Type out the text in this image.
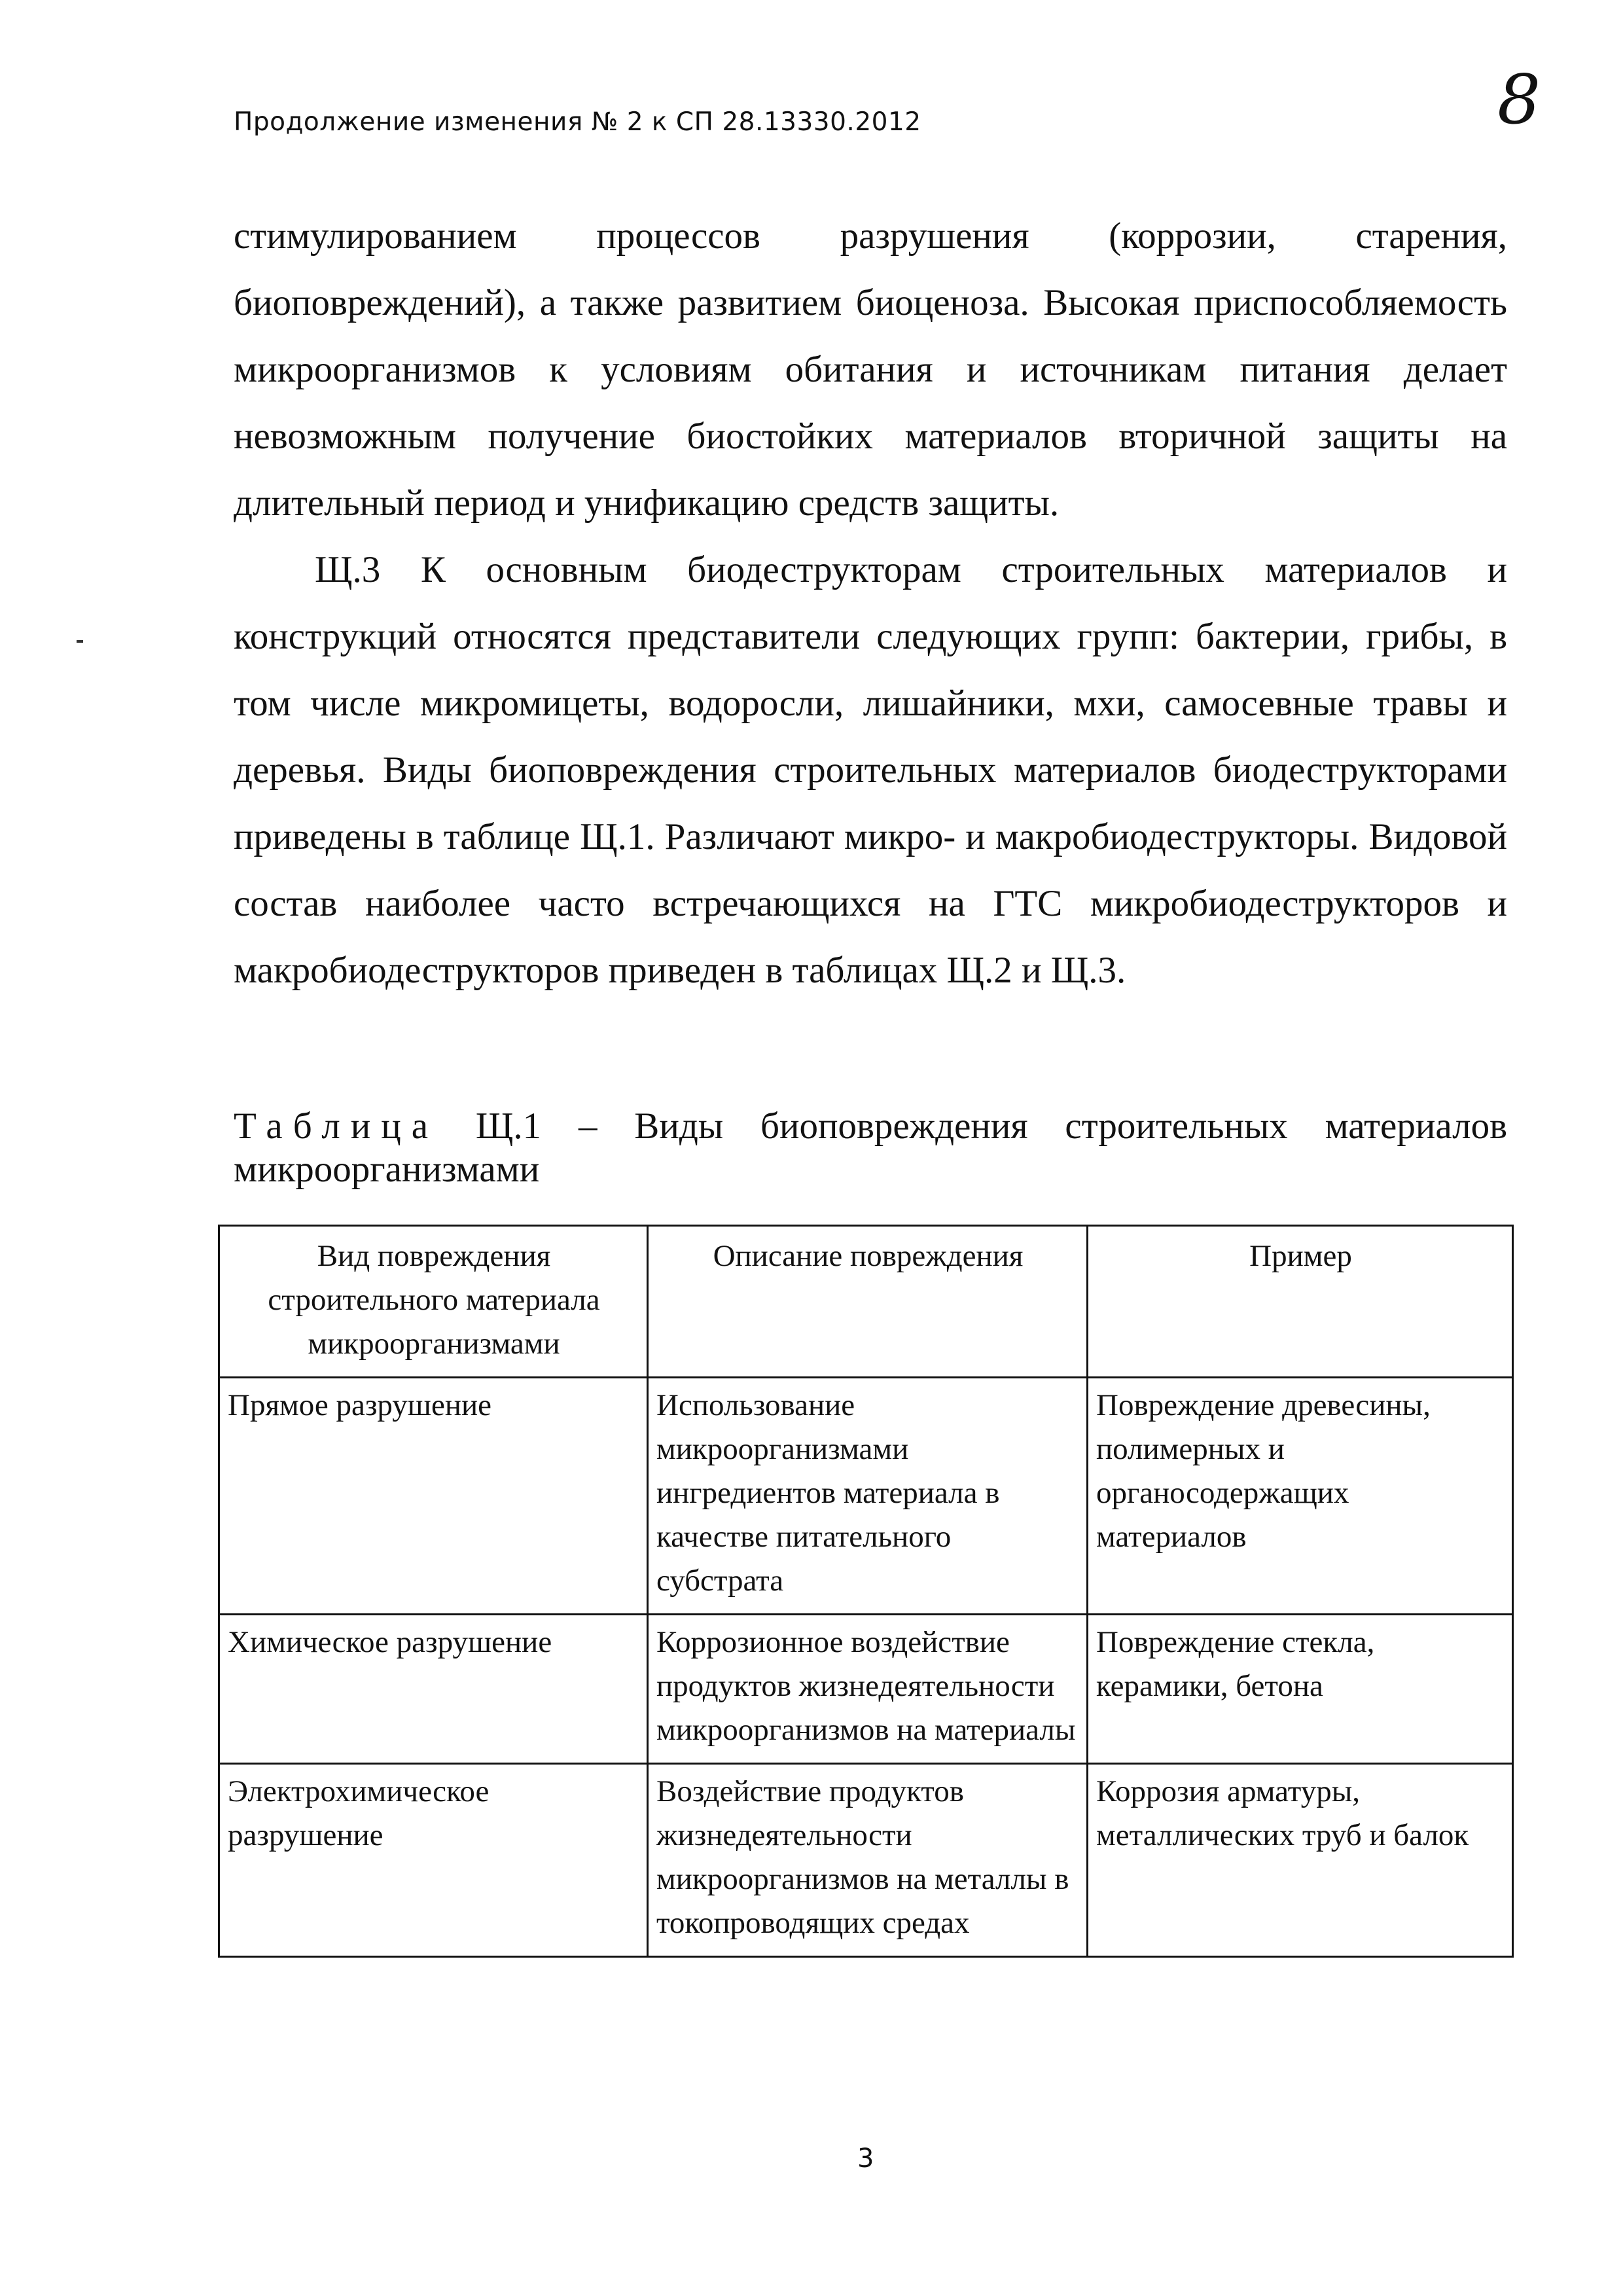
Продолжение изменения № 2 к СП 28.13330.2012	8

стимулированием процессов разрушения (коррозии, старения, биоповреждений), а также развитием биоценоза. Высокая приспособляемость микроорганизмов к условиям обитания и источникам питания делает невозможным получение биостойких материалов вторичной защиты на длительный период и унификацию средств защиты.

Щ.3 К основным биодеструкторам строительных материалов и конструкций относятся представители следующих групп: бактерии, грибы, в том числе микромицеты, водоросли, лишайники, мхи, самосевные травы и деревья. Виды биоповреждения строительных материалов биодеструкторами приведены в таблице Щ.1. Различают микро- и макробиодеструкторы. Видовой состав наиболее часто встречающихся на ГТС микробиодеструкторов и макробиодеструкторов приведен в таблицах Щ.2 и Щ.3.

Таблица Щ.1 – Виды биоповреждения строительных материалов микроорганизмами

Вид повреждения строительного материала микроорганизмами	Описание повреждения	Пример
Прямое разрушение	Использование микроорганизмами ингредиентов материала в качестве питательного субстрата	Повреждение древесины, полимерных и органосодержащих материалов
Химическое разрушение	Коррозионное воздействие продуктов жизнедеятельности микроорганизмов на материалы	Повреждение стекла, керамики, бетона
Электрохимическое разрушение	Воздействие продуктов жизнедеятельности микроорганизмов на металлы в токопроводящих средах	Коррозия арматуры, металлических труб и балок
3
